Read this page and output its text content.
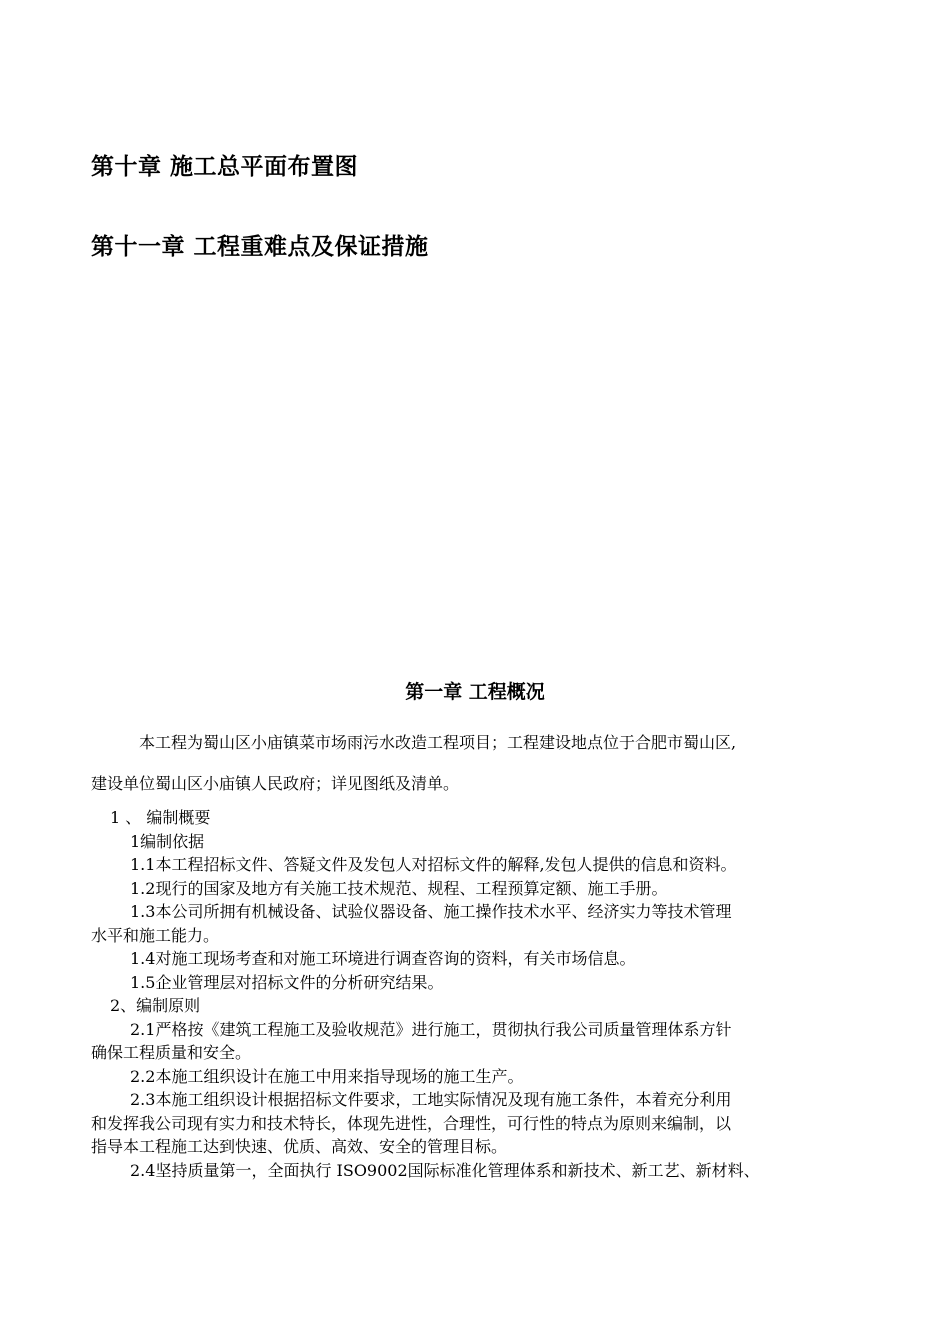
第十章 施工总平面布置图
第十一章 工程重难点及保证措施
第一章 工程概况

本工程为蜀山区小庙镇菜市场雨污水改造工程项目；工程建设地点位于合肥市蜀山区,

建设单位蜀山区小庙镇人民政府；详见图纸及清单。

1 、 编制概要

1编制依据

1.1本工程招标文件、答疑文件及发包人对招标文件的解释,发包人提供的信息和资料。

1.2现行的国家及地方有关施工技术规范、规程、工程预算定额、施工手册。

1.3本公司所拥有机械设备、试验仪器设备、施工操作技术水平、经济实力等技术管理

水平和施工能力。

1.4对施工现场考查和对施工环境进行调查咨询的资料，有关市场信息。

1.5企业管理层对招标文件的分析研究结果。

2、编制原则

2.1严格按《建筑工程施工及验收规范》进行施工，贯彻执行我公司质量管理体系方针

确保工程质量和安全。

2.2本施工组织设计在施工中用来指导现场的施工生产。

2.3本施工组织设计根据招标文件要求，工地实际情况及现有施工条件，本着充分利用

和发挥我公司现有实力和技术特长，体现先进性，合理性，可行性的特点为原则来编制，以

指导本工程施工达到快速、优质、高效、安全的管理目标。

2.4坚持质量第一，全面执行 ISO9002国际标准化管理体系和新技术、新工艺、新材料、
